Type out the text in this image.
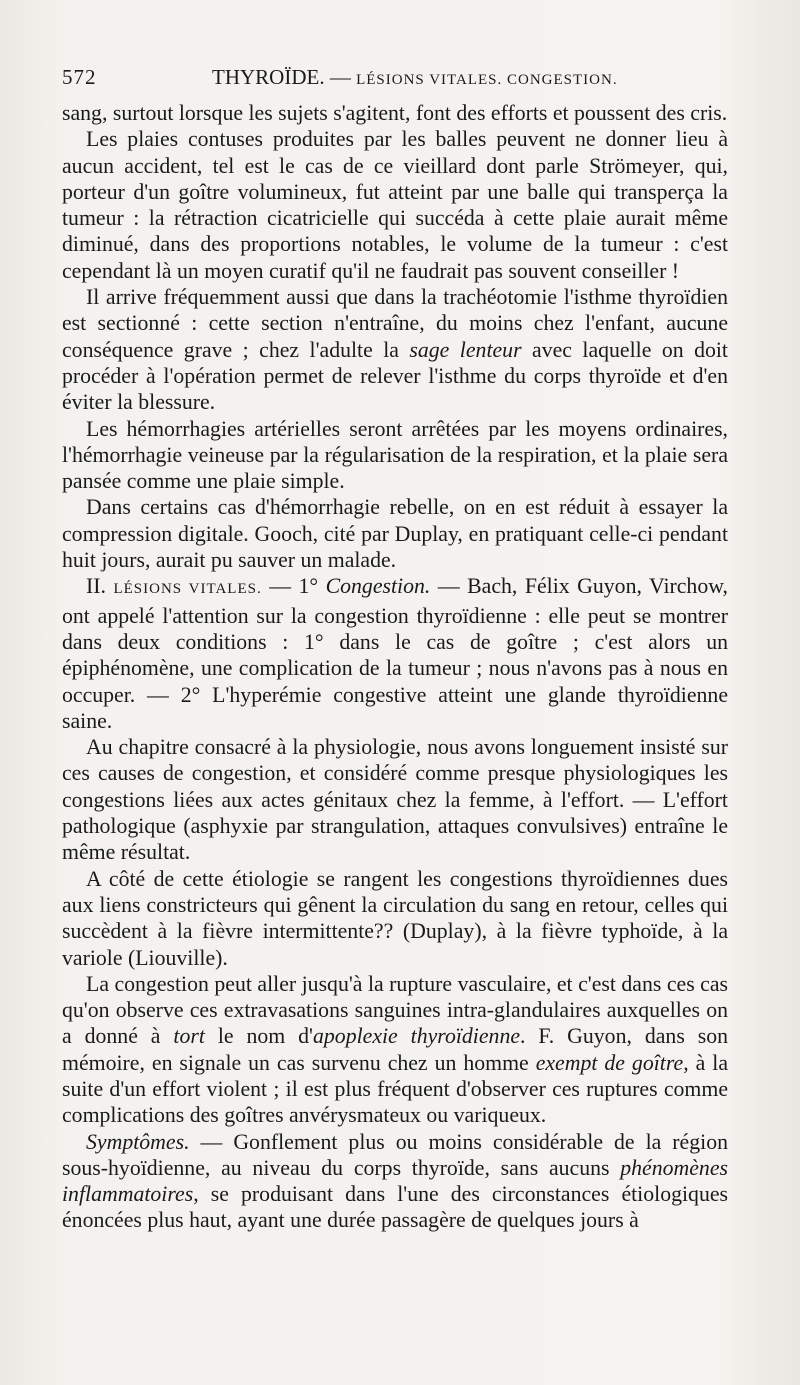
572	THYROÏDE. — LÉSIONS VITALES. CONGESTION.

sang, surtout lorsque les sujets s'agitent, font des efforts et poussent des cris.

Les plaies contuses produites par les balles peuvent ne donner lieu à aucun accident, tel est le cas de ce vieillard dont parle Strömeyer, qui, porteur d'un goître volumineux, fut atteint par une balle qui transperça la tumeur : la rétraction cicatricielle qui succéda à cette plaie aurait même diminué, dans des proportions notables, le volume de la tumeur : c'est cependant là un moyen curatif qu'il ne faudrait pas souvent conseiller !

Il arrive fréquemment aussi que dans la trachéotomie l'isthme thyroïdien est sectionné : cette section n'entraîne, du moins chez l'enfant, aucune conséquence grave ; chez l'adulte la sage lenteur avec laquelle on doit procéder à l'opération permet de relever l'isthme du corps thyroïde et d'en éviter la blessure.

Les hémorrhagies artérielles seront arrêtées par les moyens ordinaires, l'hémorrhagie veineuse par la régularisation de la respiration, et la plaie sera pansée comme une plaie simple.

Dans certains cas d'hémorrhagie rebelle, on en est réduit à essayer la compression digitale. Gooch, cité par Duplay, en pratiquant celle-ci pendant huit jours, aurait pu sauver un malade.

II. LÉSIONS VITALES. — 1° Congestion. — Bach, Félix Guyon, Virchow, ont appelé l'attention sur la congestion thyroïdienne : elle peut se montrer dans deux conditions : 1° dans le cas de goître ; c'est alors un épiphénomène, une complication de la tumeur ; nous n'avons pas à nous en occuper. — 2° L'hyperémie congestive atteint une glande thyroïdienne saine.

Au chapitre consacré à la physiologie, nous avons longuement insisté sur ces causes de congestion, et considéré comme presque physiologiques les congestions liées aux actes génitaux chez la femme, à l'effort. — L'effort pathologique (asphyxie par strangulation, attaques convulsives) entraîne le même résultat.

A côté de cette étiologie se rangent les congestions thyroïdiennes dues aux liens constricteurs qui gênent la circulation du sang en retour, celles qui succèdent à la fièvre intermittente?? (Duplay), à la fièvre typhoïde, à la variole (Liouville).

La congestion peut aller jusqu'à la rupture vasculaire, et c'est dans ces cas qu'on observe ces extravasations sanguines intra-glandulaires auxquelles on a donné à tort le nom d'apoplexie thyroïdienne. F. Guyon, dans son mémoire, en signale un cas survenu chez un homme exempt de goître, à la suite d'un effort violent ; il est plus fréquent d'observer ces ruptures comme complications des goîtres anvérysmateux ou variqueux.

Symptômes. — Gonflement plus ou moins considérable de la région sous-hyoïdienne, au niveau du corps thyroïde, sans aucuns phénomènes inflammatoires, se produisant dans l'une des circonstances étiologiques énoncées plus haut, ayant une durée passagère de quelques jours à
